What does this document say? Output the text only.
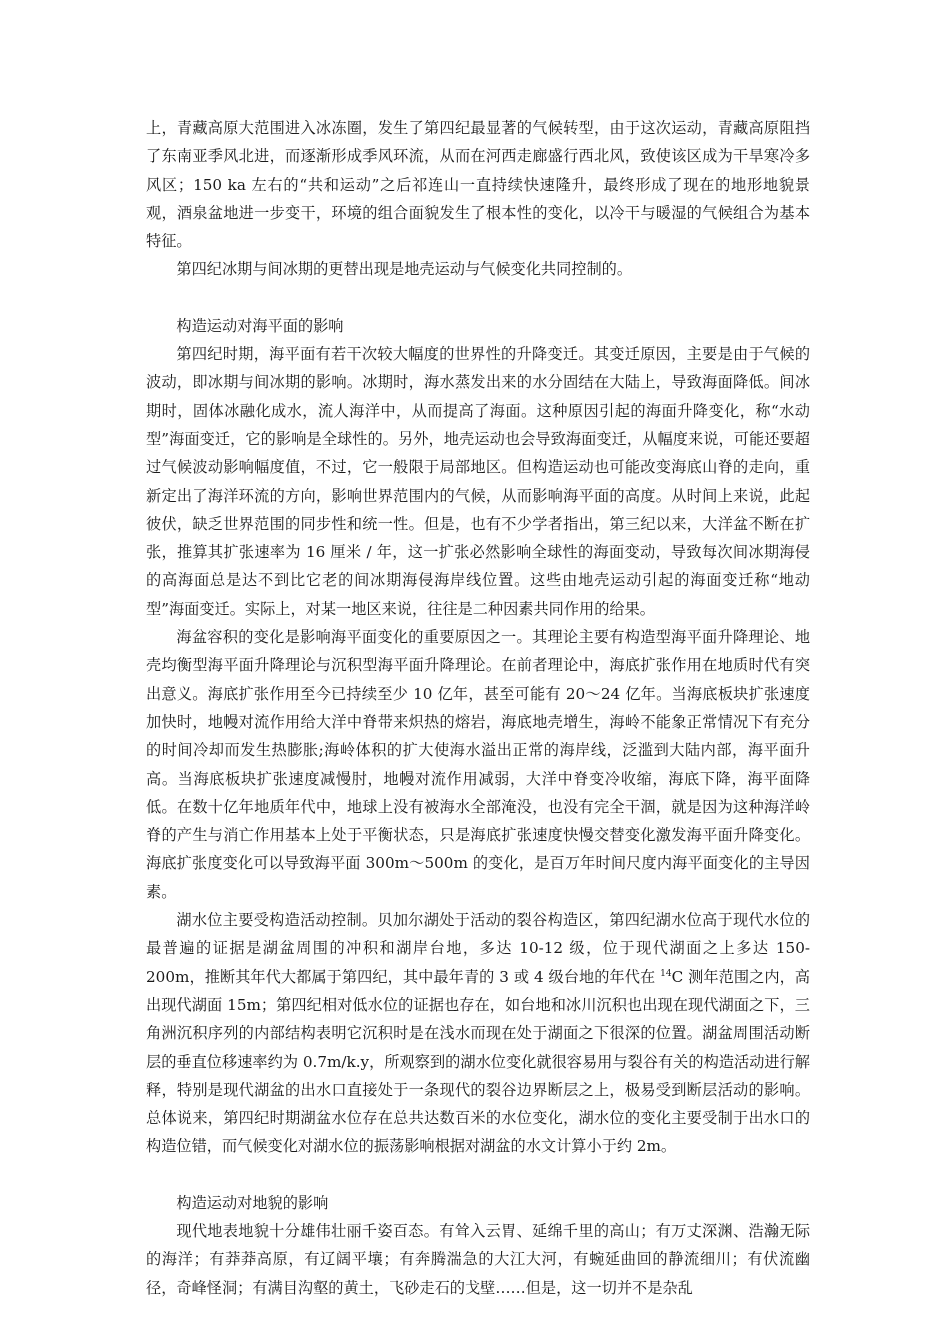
上，青藏高原大范围进入冰冻圈，发生了第四纪最显著的气候转型，由于这次运动，青藏高原阻挡了东南亚季风北进，而逐渐形成季风环流，从而在河西走廊盛行西北风，致使该区成为干旱寒冷多风区；150 ka 左右的“共和运动”之后祁连山一直持续快速隆升，最终形成了现在的地形地貌景观，酒泉盆地进一步变干，环境的组合面貌发生了根本性的变化，以冷干与暖湿的气候组合为基本特征。

第四纪冰期与间冰期的更替出现是地壳运动与气候变化共同控制的。

构造运动对海平面的影响

第四纪时期，海平面有若干次较大幅度的世界性的升降变迁。其变迁原因，主要是由于气候的波动，即冰期与间冰期的影响。冰期时，海水蒸发出来的水分固结在大陆上，导致海面降低。间冰期时，固体冰融化成水，流人海洋中，从而提高了海面。这种原因引起的海面升降变化，称“水动型”海面变迁，它的影响是全球性的。另外，地壳运动也会导致海面变迁，从幅度来说，可能还要超过气候波动影响幅度值，不过，它一般限于局部地区。但构造运动也可能改变海底山脊的走向，重新定出了海洋环流的方向，影响世界范围内的气候，从而影响海平面的高度。从时间上来说，此起彼伏，缺乏世界范围的同步性和统一性。但是，也有不少学者指出，第三纪以来，大洋盆不断在扩张，推算其扩张速率为 16 厘米 / 年，这一扩张必然影响全球性的海面变动，导致每次间冰期海侵的高海面总是达不到比它老的间冰期海侵海岸线位置。这些由地壳运动引起的海面变迁称“地动型”海面变迁。实际上，对某一地区来说，往往是二种因素共同作用的给果。

海盆容积的变化是影响海平面变化的重要原因之一。其理论主要有构造型海平面升降理论、地壳均衡型海平面升降理论与沉积型海平面升降理论。在前者理论中，海底扩张作用在地质时代有突出意义。海底扩张作用至今已持续至少 10 亿年，甚至可能有 20～24 亿年。当海底板块扩张速度加快时，地幔对流作用给大洋中脊带来炽热的熔岩，海底地壳增生，海岭不能象正常情况下有充分的时间冷却而发生热膨胀;海岭体积的扩大使海水溢出正常的海岸线，泛滥到大陆内部，海平面升高。当海底板块扩张速度减慢肘，地幔对流作用减弱，大洋中脊变冷收缩，海底下降，海平面降低。在数十亿年地质年代中，地球上没有被海水全部淹没，也没有完全干涸，就是因为这种海洋岭脊的产生与消亡作用基本上处于平衡状态，只是海底扩张速度快慢交替变化激发海平面升降变化。海底扩张度变化可以导致海平面 300m～500m 的变化，是百万年时间尺度内海平面变化的主导因素。

湖水位主要受构造活动控制。贝加尔湖处于活动的裂谷构造区，第四纪湖水位高于现代水位的最普遍的证据是湖盆周围的冲积和湖岸台地，多达 10-12 级，位于现代湖面之上多达 150-200m，推断其年代大都属于第四纪，其中最年青的 3 或 4 级台地的年代在 $^{14}$C 测年范围之内，高出现代湖面 15m；第四纪相对低水位的证据也存在，如台地和冰川沉积也出现在现代湖面之下，三角洲沉积序列的内部结构表明它沉积时是在浅水而现在处于湖面之下很深的位置。湖盆周围活动断层的垂直位移速率约为 0.7m/k.y，所观察到的湖水位变化就很容易用与裂谷有关的构造活动进行解释，特别是现代湖盆的出水口直接处于一条现代的裂谷边界断层之上，极易受到断层活动的影响。总体说来，第四纪时期湖盆水位存在总共达数百米的水位变化，湖水位的变化主要受制于出水口的构造位错，而气候变化对湖水位的振荡影响根据对湖盆的水文计算小于约 2m。

构造运动对地貌的影响

现代地表地貌十分雄伟壮丽千姿百态。有耸入云胃、延绵千里的高山；有万丈深渊、浩瀚无际的海洋；有莽莽高原，有辽阔平壤；有奔腾湍急的大江大河，有蜿延曲回的静流细川；有伏流幽径，奇峰怪洞；有满目沟壑的黄土，飞砂走石的戈壁……但是，这一切并不是杂乱
